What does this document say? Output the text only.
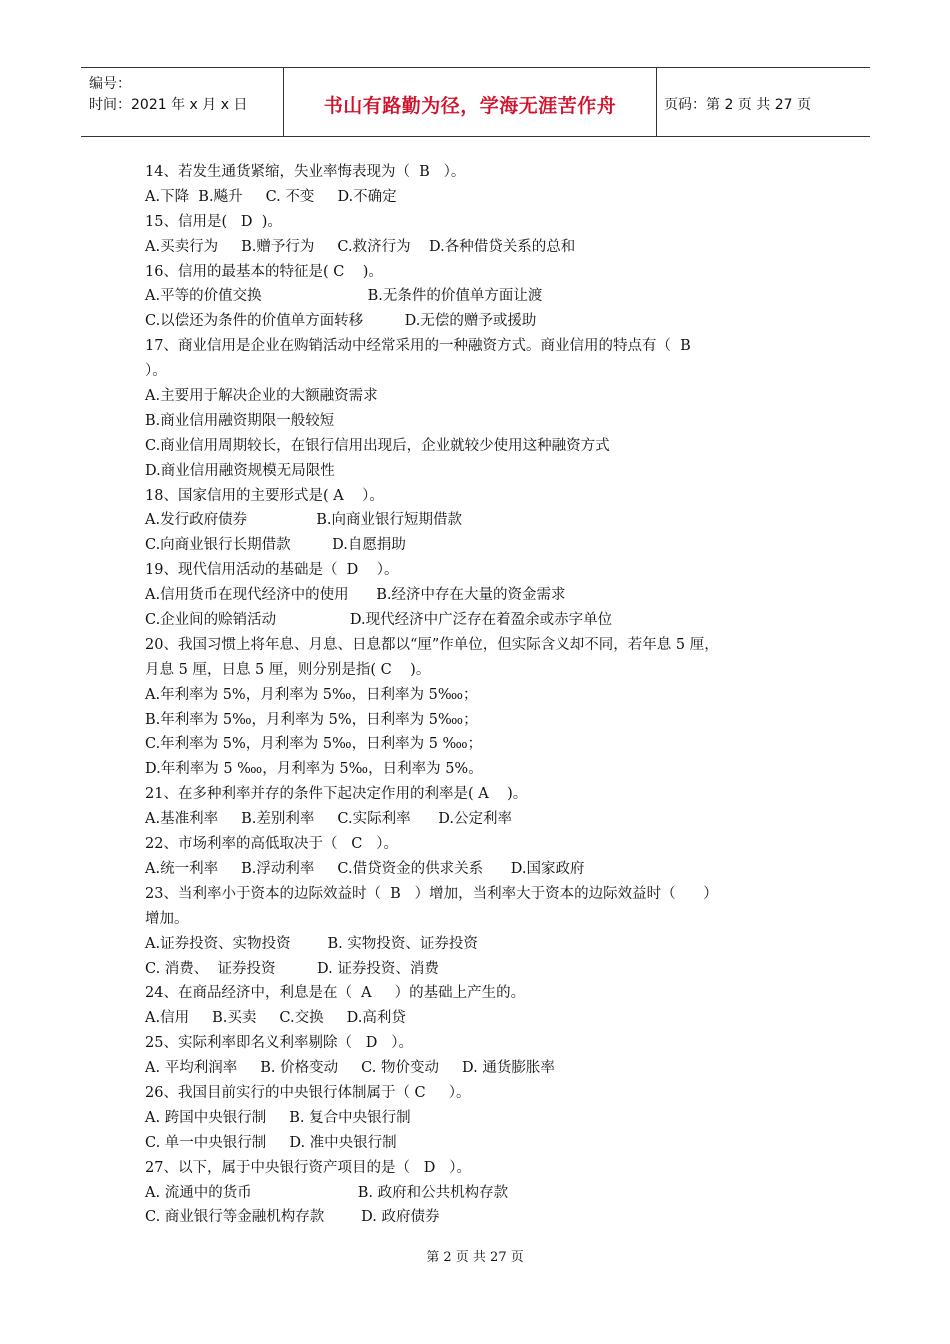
编号：
时间：2021 年 x 月 x 日	书山有路勤为径，学海无涯苦作舟	页码：第 2 页 共 27 页
14、若发生通货紧缩，失业率悔表现为（  B   ）。
A.下降  B.飚升     C. 不变     D.不确定
15、信用是(   D  )。
A.买卖行为     B.赠予行为     C.救济行为    D.各种借贷关系的总和
16、信用的最基本的特征是( C    )。
A.平等的价值交换                       B.无条件的价值单方面让渡
C.以偿还为条件的价值单方面转移         D.无偿的赠予或援助
17、商业信用是企业在购销活动中经常采用的一种融资方式。商业信用的特点有（  B
）。
A.主要用于解决企业的大额融资需求
B.商业信用融资期限一般较短
C.商业信用周期较长，在银行信用出现后，企业就较少使用这种融资方式
D.商业信用融资规模无局限性
18、国家信用的主要形式是( A    ）。
A.发行政府债券               B.向商业银行短期借款
C.向商业银行长期借款         D.自愿捐助
19、现代信用活动的基础是（  D    ）。
A.信用货币在现代经济中的使用      B.经济中存在大量的资金需求
C.企业间的赊销活动                D.现代经济中广泛存在着盈余或赤字单位
20、我国习惯上将年息、月息、日息都以“厘”作单位，但实际含义却不同，若年息 5 厘，
月息 5 厘，日息 5 厘，则分别是指( C    )。
A.年利率为 5%，月利率为 5‰，日利率为 5‱；
B.年利率为 5‰，月利率为 5%，日利率为 5‱；
C.年利率为 5%，月利率为 5‰，日利率为 5 ‱；
D.年利率为 5 ‱，月利率为 5‰，日利率为 5%。
21、在多种利率并存的条件下起决定作用的利率是( A    )。
A.基准利率     B.差别利率     C.实际利率      D.公定利率
22、市场利率的高低取决于（   C   ）。
A.统一利率     B.浮动利率     C.借贷资金的供求关系      D.国家政府
23、当利率小于资本的边际效益时（  B   ）增加，当利率大于资本的边际效益时（      ）
增加。
A.证券投资、实物投资        B. 实物投资、证券投资
C. 消费、  证券投资         D. 证券投资、消费
24、在商品经济中，利息是在（  A     ）的基础上产生的。
A.信用     B.买卖     C.交换     D.高利贷
25、实际利率即名义利率剔除（   D   ）。
A. 平均利润率     B. 价格变动     C. 物价变动     D. 通货膨胀率
26、我国目前实行的中央银行体制属于（ C     ）。
A. 跨国中央银行制     B. 复合中央银行制
C. 单一中央银行制     D. 准中央银行制
27、以下，属于中央银行资产项目的是（   D   ）。
A. 流通中的货币                       B. 政府和公共机构存款
C. 商业银行等金融机构存款        D. 政府债券
第 2 页 共 27 页
